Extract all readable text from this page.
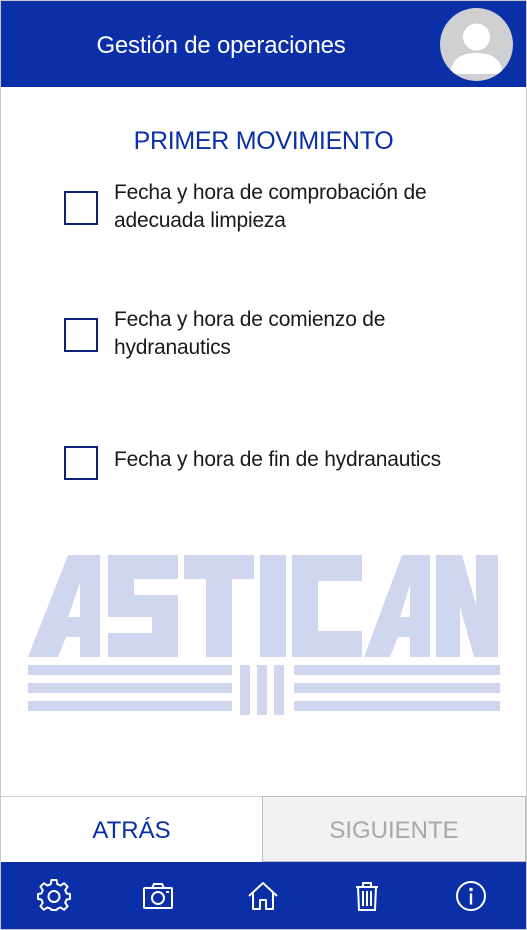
Gestión de operaciones
PRIMER MOVIMIENTO
Fecha y hora de comprobación de adecuada limpieza
Fecha y hora de comienzo de hydranautics
Fecha y hora de fin de hydranautics
ATRÁS	SIGUIENTE
